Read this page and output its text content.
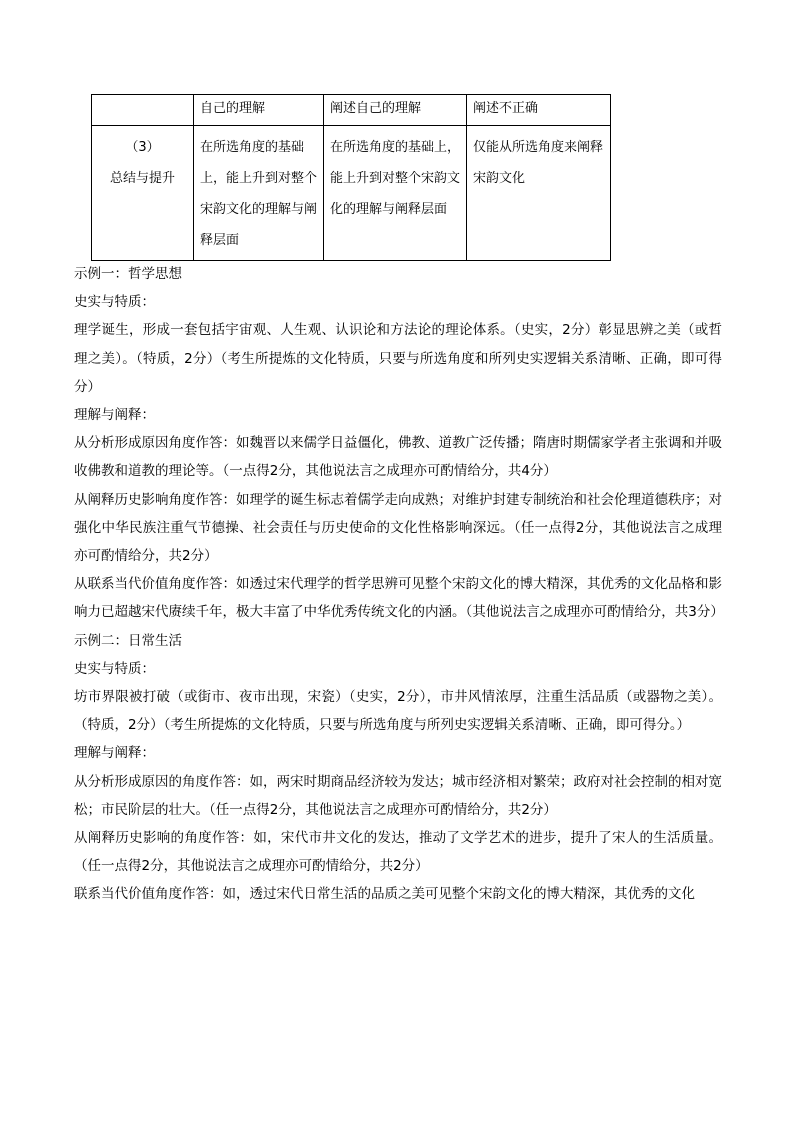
	自己的理解	阐述自己的理解	阐述不正确

（3）
总结与提升	在所选角度的基础上，能上升到对整个宋韵文化的理解与阐释层面	在所选角度的基础上，能上升到对整个宋韵文化的理解与阐释层面	仅能从所选角度来阐释宋韵文化

示例一：哲学思想

史实与特质：

理学诞生，形成一套包括宇宙观、人生观、认识论和方法论的理论体系。（史实，2分）彰显思辨之美（或哲理之美）。（特质，2分）（考生所提炼的文化特质，只要与所选角度和所列史实逻辑关系清晰、正确，即可得分）

理解与阐释：

从分析形成原因角度作答：如魏晋以来儒学日益僵化，佛教、道教广泛传播；隋唐时期儒家学者主张调和并吸收佛教和道教的理论等。（一点得2分，其他说法言之成理亦可酌情给分，共4分）

从阐释历史影响角度作答：如理学的诞生标志着儒学走向成熟；对维护封建专制统治和社会伦理道德秩序；对强化中华民族注重气节德操、社会责任与历史使命的文化性格影响深远。（任一点得2分，其他说法言之成理亦可酌情给分，共2分）

从联系当代价值角度作答：如透过宋代理学的哲学思辨可见整个宋韵文化的博大精深，其优秀的文化品格和影响力已超越宋代赓续千年，极大丰富了中华优秀传统文化的内涵。（其他说法言之成理亦可酌情给分，共3分）

示例二：日常生活

史实与特质：

坊市界限被打破（或街市、夜市出现，宋瓷）（史实，2分），市井风情浓厚，注重生活品质（或器物之美）。（特质，2分）（考生所提炼的文化特质，只要与所选角度与所列史实逻辑关系清晰、正确，即可得分。）

理解与阐释：

从分析形成原因的角度作答：如，两宋时期商品经济较为发达；城市经济相对繁荣；政府对社会控制的相对宽松；市民阶层的壮大。（任一点得2分，其他说法言之成理亦可酌情给分，共2分）

从阐释历史影响的角度作答：如，宋代市井文化的发达，推动了文学艺术的进步，提升了宋人的生活质量。（任一点得2分，其他说法言之成理亦可酌情给分，共2分）

联系当代价值角度作答：如，透过宋代日常生活的品质之美可见整个宋韵文化的博大精深，其优秀的文化
